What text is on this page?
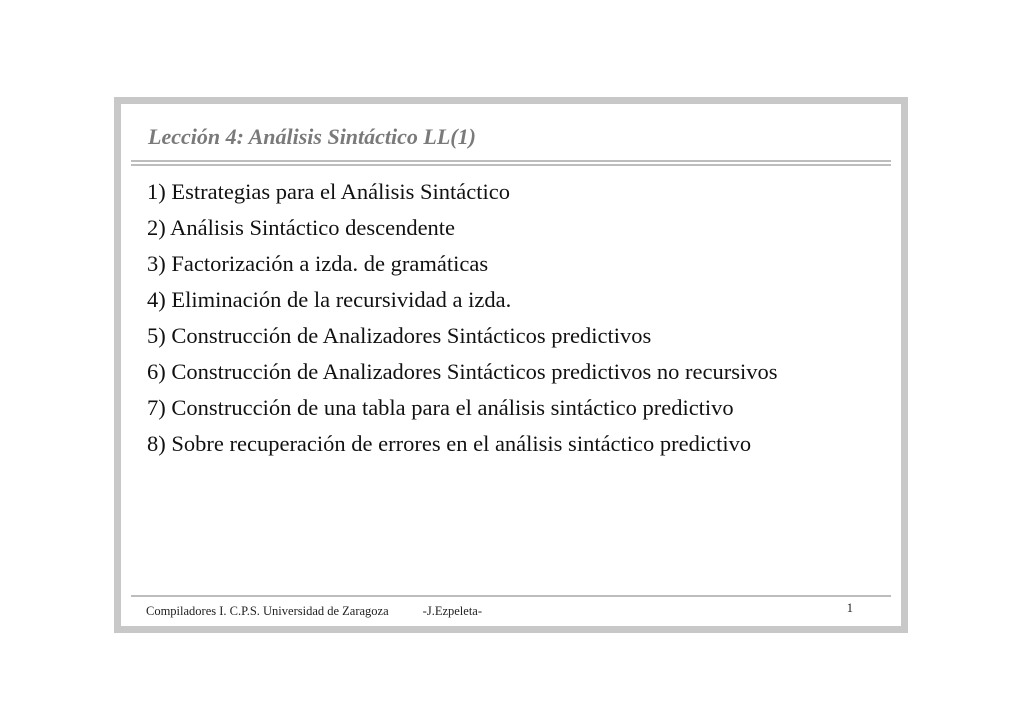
Lección 4: Análisis Sintáctico LL(1)
1) Estrategias para el Análisis Sintáctico
2) Análisis Sintáctico descendente
3) Factorización a izda. de gramáticas
4) Eliminación de la recursividad a izda.
5) Construcción de Analizadores Sintácticos predictivos
6) Construcción de Analizadores Sintácticos predictivos no recursivos
7) Construcción de una tabla para el análisis sintáctico predictivo
8) Sobre recuperación de errores en el análisis sintáctico predictivo
Compiladores I. C.P.S. Universidad de Zaragoza	-J.Ezpeleta-	1
